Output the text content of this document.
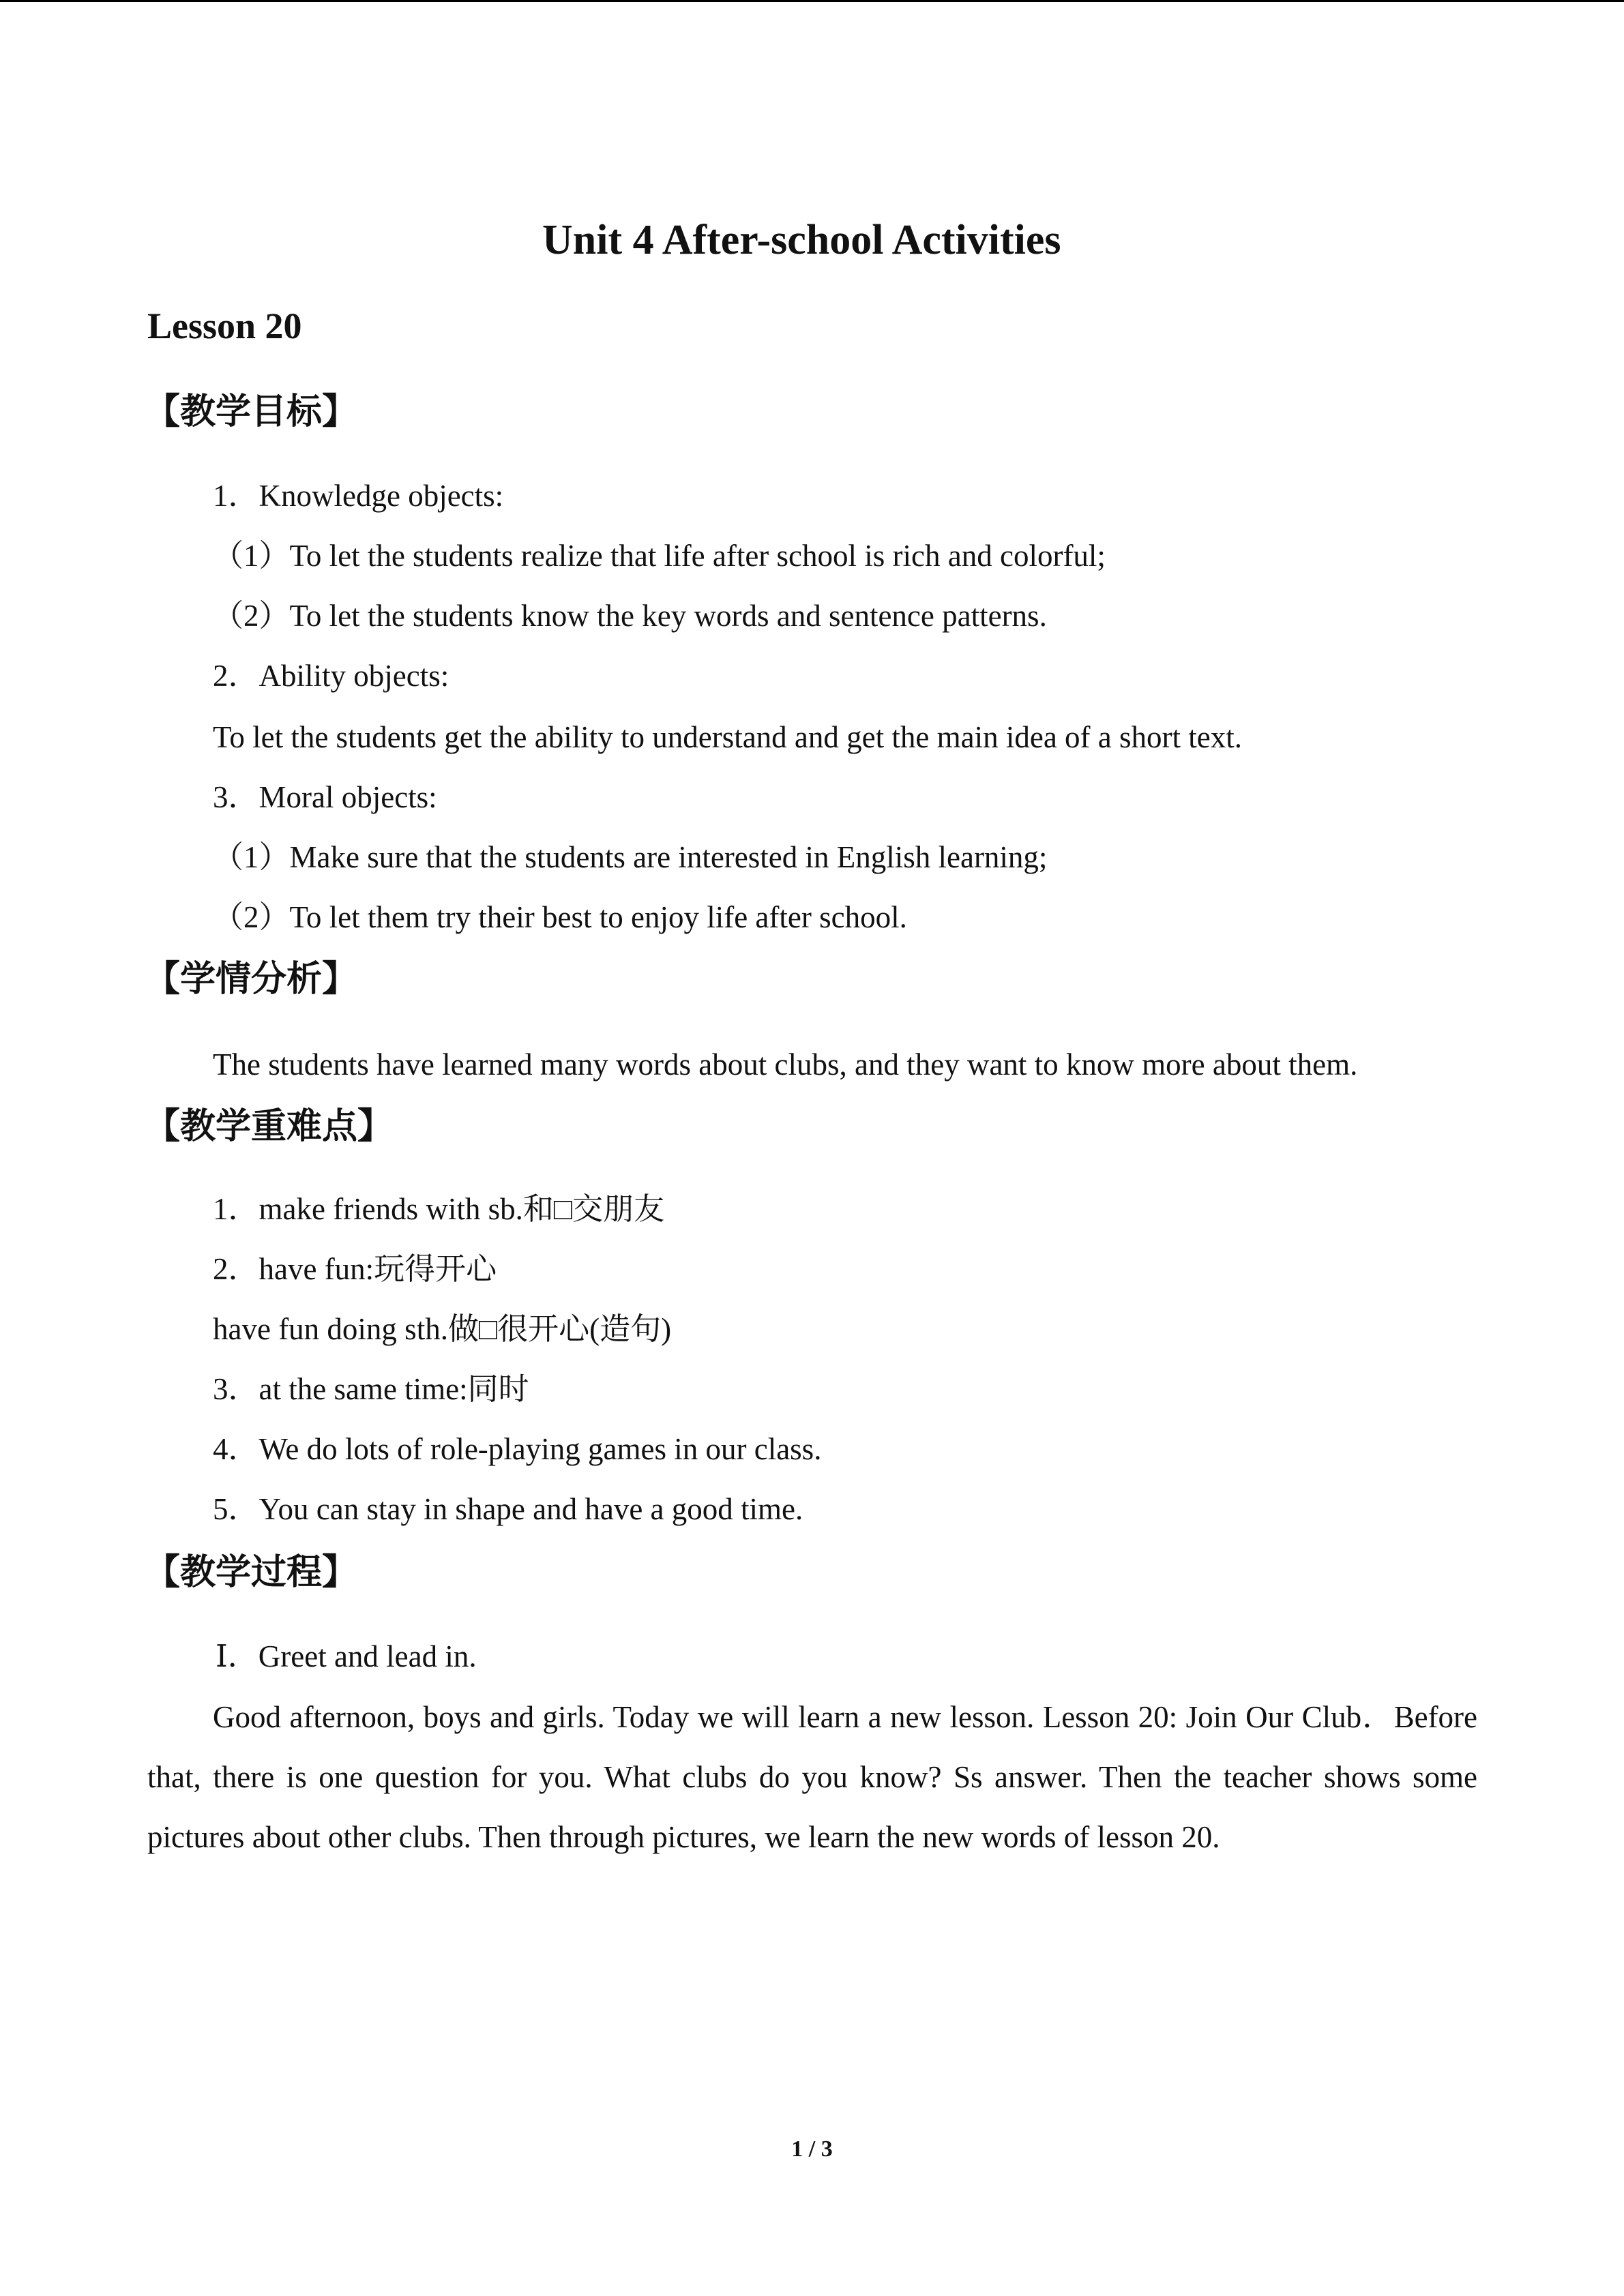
Unit 4 After-school Activities
Lesson 20
【教学目标】
1．Knowledge objects:
（1）To let the students realize that life after school is rich and colorful;
（2）To let the students know the key words and sentence patterns.
2．Ability objects:
To let the students get the ability to understand and get the main idea of a short text.
3．Moral objects:
（1）Make sure that the students are interested in English learning;
（2）To let them try their best to enjoy life after school.
【学情分析】
The students have learned many words about clubs, and they want to know more about them.
【教学重难点】
1．make friends with sb.和□交朋友
2．have fun:玩得开心
have fun doing sth.做□很开心(造句)
3．at the same time:同时
4．We do lots of role-playing games in our class.
5．You can stay in shape and have a good time.
【教学过程】
Ⅰ．Greet and lead in.
Good afternoon, boys and girls. Today we will learn a new lesson. Lesson 20: Join Our Club．Before that, there is one question for you. What clubs do you know? Ss answer. Then the teacher shows some pictures about other clubs. Then through pictures, we learn the new words of lesson 20.
1 / 3
